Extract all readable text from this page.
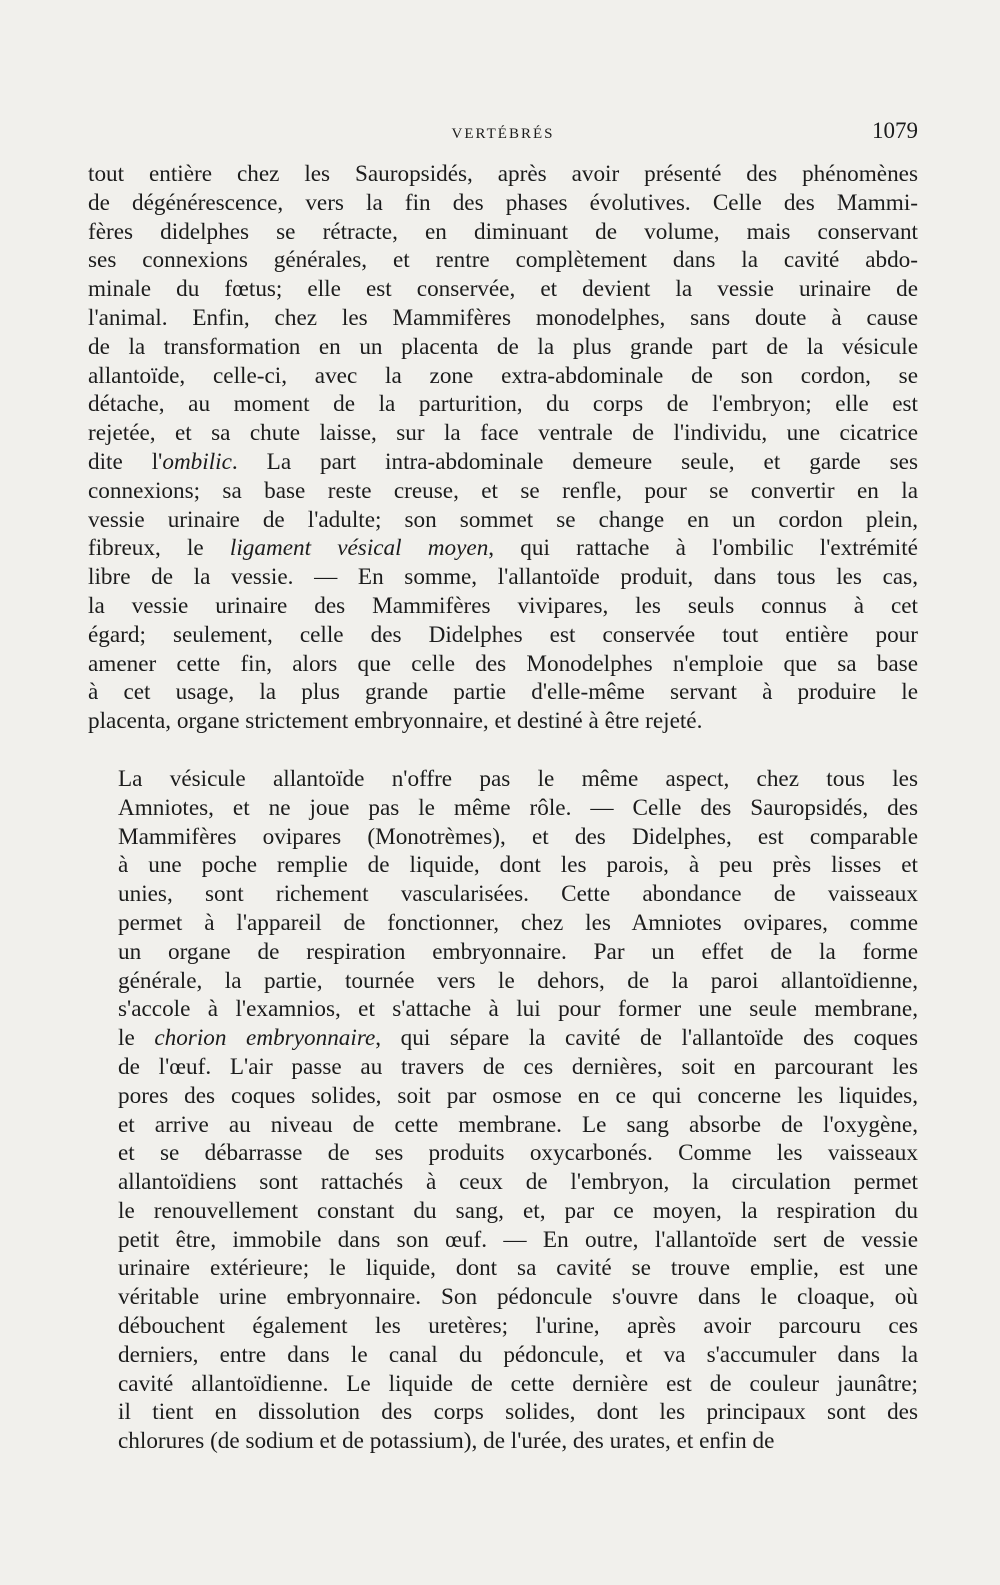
VERTÉBRÉS	1079
tout entière chez les Sauropsidés, après avoir présenté des phénomènes
de dégénérescence, vers la fin des phases évolutives. Celle des Mammi-
fères didelphes se rétracte, en diminuant de volume, mais conservant
ses connexions générales, et rentre complètement dans la cavité abdo-
minale du fœtus; elle est conservée, et devient la vessie urinaire de
l'animal. Enfin, chez les Mammifères monodelphes, sans doute à cause
de la transformation en un placenta de la plus grande part de la vésicule
allantoïde, celle-ci, avec la zone extra-abdominale de son cordon, se
détache, au moment de la parturition, du corps de l'embryon; elle est
rejetée, et sa chute laisse, sur la face ventrale de l'individu, une cicatrice
dite l'ombilic. La part intra-abdominale demeure seule, et garde ses
connexions; sa base reste creuse, et se renfle, pour se convertir en la
vessie urinaire de l'adulte; son sommet se change en un cordon plein,
fibreux, le ligament vésical moyen, qui rattache à l'ombilic l'extrémité
libre de la vessie. — En somme, l'allantoïde produit, dans tous les cas,
la vessie urinaire des Mammifères vivipares, les seuls connus à cet
égard; seulement, celle des Didelphes est conservée tout entière pour
amener cette fin, alors que celle des Monodelphes n'emploie que sa base
à cet usage, la plus grande partie d'elle-même servant à produire le
placenta, organe strictement embryonnaire, et destiné à être rejeté.
La vésicule allantoïde n'offre pas le même aspect, chez tous les
Amniotes, et ne joue pas le même rôle. — Celle des Sauropsidés, des
Mammifères ovipares (Monotrèmes), et des Didelphes, est comparable
à une poche remplie de liquide, dont les parois, à peu près lisses et
unies, sont richement vascularisées. Cette abondance de vaisseaux
permet à l'appareil de fonctionner, chez les Amniotes ovipares, comme
un organe de respiration embryonnaire. Par un effet de la forme
générale, la partie, tournée vers le dehors, de la paroi allantoïdienne,
s'accole à l'examnios, et s'attache à lui pour former une seule membrane,
le chorion embryonnaire, qui sépare la cavité de l'allantoïde des coques
de l'œuf. L'air passe au travers de ces dernières, soit en parcourant les
pores des coques solides, soit par osmose en ce qui concerne les liquides,
et arrive au niveau de cette membrane. Le sang absorbe de l'oxygène,
et se débarrasse de ses produits oxycarbonés. Comme les vaisseaux
allantoïdiens sont rattachés à ceux de l'embryon, la circulation permet
le renouvellement constant du sang, et, par ce moyen, la respiration du
petit être, immobile dans son œuf. — En outre, l'allantoïde sert de vessie
urinaire extérieure; le liquide, dont sa cavité se trouve emplie, est une
véritable urine embryonnaire. Son pédoncule s'ouvre dans le cloaque, où
débouchent également les uretères; l'urine, après avoir parcouru ces
derniers, entre dans le canal du pédoncule, et va s'accumuler dans la
cavité allantoïdienne. Le liquide de cette dernière est de couleur jaunâtre;
il tient en dissolution des corps solides, dont les principaux sont des
chlorures (de sodium et de potassium), de l'urée, des urates, et enfin de
